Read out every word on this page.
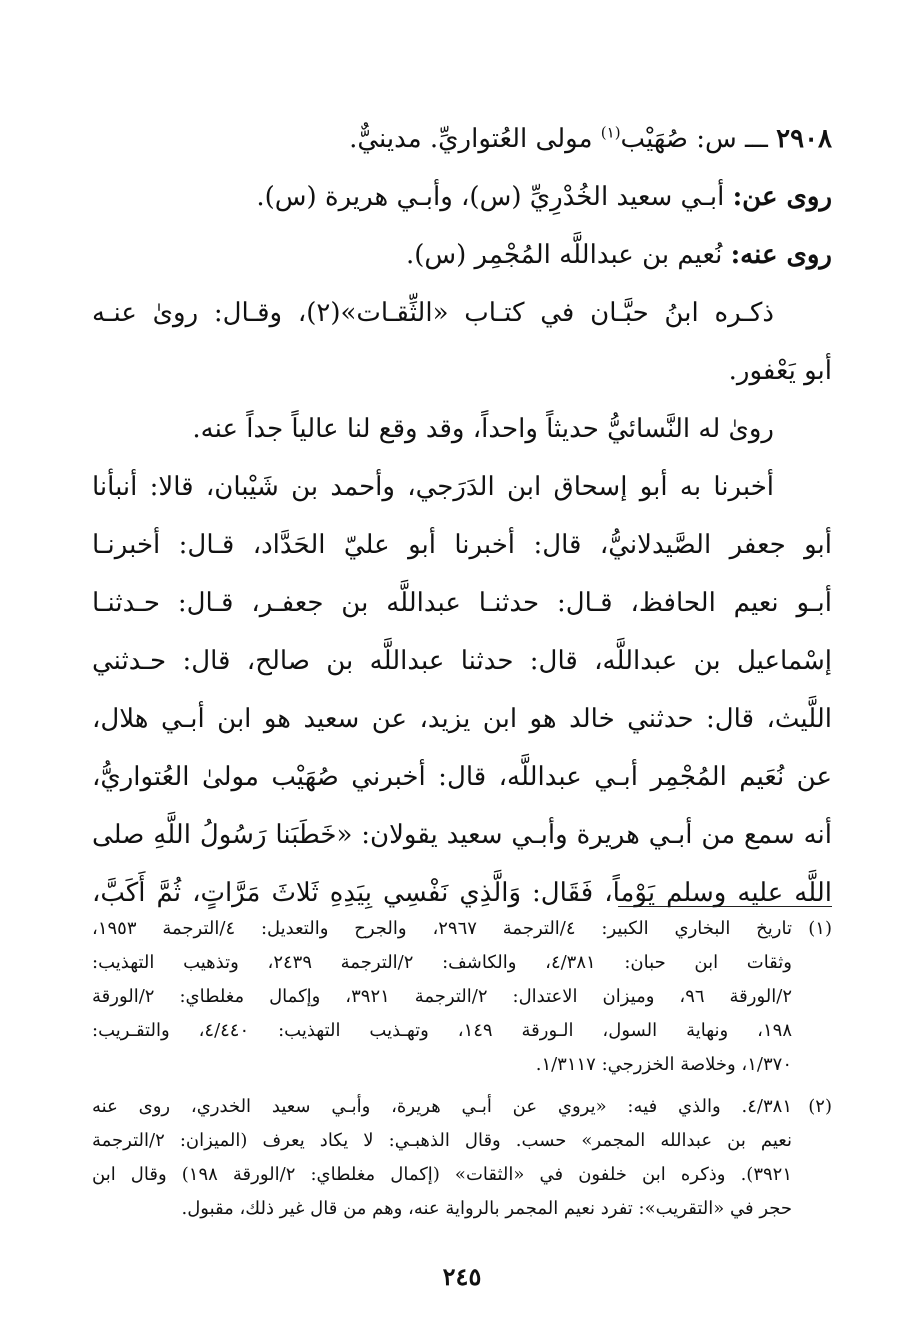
٢٩٠٨ ـــ س: صُهَيْب$^{(١)}$ مولى العُتواريِّ. مدينيٌّ.
روى عن: أبـي سعيد الخُدْرِيِّ (س)، وأبـي هريرة (س).
روى عنه: نُعيم بن عبداللَّه المُجْمِر (س).
ذكـره ابنُ حبَّـان في كتـاب «الثِّقـات»(٢)، وقـال: روىٰ عنـه
أبو يَعْفور.
روىٰ له النَّسائيُّ حديثاً واحداً، وقد وقع لنا عالياً جداً عنه.
أخبرنا به أبو إسحاق ابن الدَرَجي، وأحمد بن شَيْبان، قالا: أنبأنا
أبو جعفر الصَّيدلانيُّ، قال: أخبرنا أبو عليّ الحَدَّاد، قـال: أخبرنـا
أبـو نعيم الحافظ، قـال: حدثنـا عبداللَّه بن جعفـر، قـال: حـدثنـا
إسْماعيل بن عبداللَّه، قال: حدثنا عبداللَّه بن صالح، قال: حـدثني
اللَّيث، قال: حدثني خالد هو ابن يزيد، عن سعيد هو ابن أبـي هلال،
عن نُعَيم المُجْمِر أبـي عبداللَّه، قال: أخبرني صُهَيْب مولىٰ العُتواريُّ،
أنه سمع من أبـي هريرة وأبـي سعيد يقولان: «خَطَبَنا رَسُولُ اللَّهِ صلى
اللَّه عليه وسلم يَوْماً، فَقَال: وَالَّذِي نَفْسِي بِيَدِهِ ثَلاثَ مَرَّاتٍ، ثُمَّ أَكَبَّ،
(١)
تاريخ البخاري الكبير: ٤/الترجمة ٢٩٦٧، والجرح والتعديل: ٤/الترجمة ١٩٥٣،
وثقات ابن حبان: ٤/٣٨١، والكاشف: ٢/الترجمة ٢٤٣٩، وتذهيب التهذيب:
٢/الورقة ٩٦، وميزان الاعتدال: ٢/الترجمة ٣٩٢١، وإكمال مغلطاي: ٢/الورقة
١٩٨، ونهاية السول، الـورقة ١٤٩، وتهـذيب التهذيب: ٤/٤٤٠، والتقـريب:
١/٣٧٠، وخلاصة الخزرجي: ١/٣١١٧.
(٢)
٤/٣٨١. والذي فيه: «يروي عن أبـي هريرة، وأبـي سعيد الخدري، روى عنه
نعيم بن عبدالله المجمر» حسب. وقال الذهبـي: لا يكاد يعرف (الميزان: ٢/الترجمة
٣٩٢١). وذكره ابن خلفون في «الثقات» (إكمال مغلطاي: ٢/الورقة ١٩٨) وقال ابن
حجر في «التقريب»: تفرد نعيم المجمر بالرواية عنه، وهم من قال غير ذلك، مقبول.
٢٤٥
